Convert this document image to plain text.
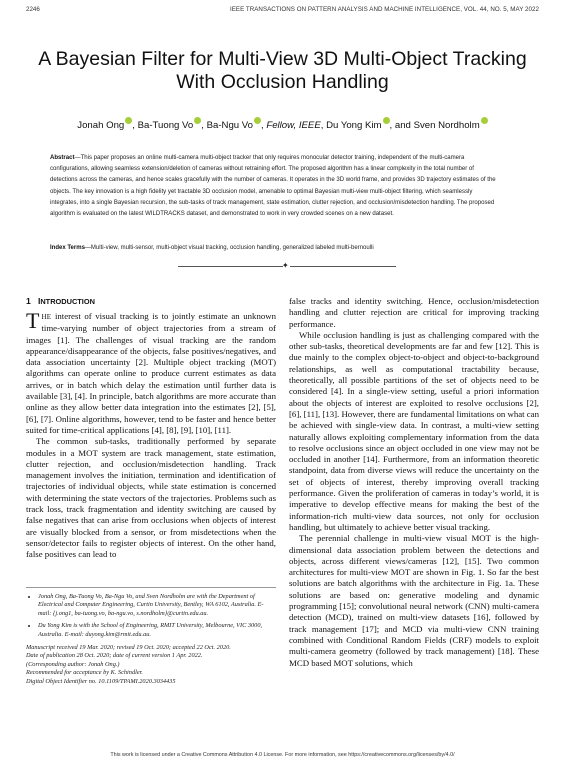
2246	IEEE TRANSACTIONS ON PATTERN ANALYSIS AND MACHINE INTELLIGENCE, VOL. 44, NO. 5, MAY 2022
A Bayesian Filter for Multi-View 3D Multi-Object Tracking With Occlusion Handling
Jonah Ong , Ba-Tuong Vo , Ba-Ngu Vo , Fellow, IEEE, Du Yong Kim , and Sven Nordholm
Abstract—This paper proposes an online multi-camera multi-object tracker that only requires monocular detector training, independent of the multi-camera configurations, allowing seamless extension/deletion of cameras without retraining effort. The proposed algorithm has a linear complexity in the total number of detections across the cameras, and hence scales gracefully with the number of cameras. It operates in the 3D world frame, and provides 3D trajectory estimates of the objects. The key innovation is a high fidelity yet tractable 3D occlusion model, amenable to optimal Bayesian multi-view multi-object filtering, which seamlessly integrates, into a single Bayesian recursion, the sub-tasks of track management, state estimation, clutter rejection, and occlusion/misdetection handling. The proposed algorithm is evaluated on the latest WILDTRACKS dataset, and demonstrated to work in very crowded scenes on a new dataset.
Index Terms—Multi-view, multi-sensor, multi-object visual tracking, occlusion handling, generalized labeled multi-bernoulli
✦
1 INTRODUCTION

THE interest of visual tracking is to jointly estimate an unknown time-varying number of object trajectories from a stream of images [1]. The challenges of visual tracking are the random appearance/disappearance of the objects, false positives/negatives, and data association uncertainty [2]. Multiple object tracking (MOT) algorithms can operate online to produce current estimates as data arrives, or in batch which delay the estimation until further data is available [3], [4]. In principle, batch algorithms are more accurate than online as they allow better data integration into the estimates [2], [5], [6], [7]. Online algorithms, however, tend to be faster and hence better suited for time-critical applications [4], [8], [9], [10], [11].

The common sub-tasks, traditionally performed by separate modules in a MOT system are track management, state estimation, clutter rejection, and occlusion/misdetection handling. Track management involves the initiation, termination and identification of trajectories of individual objects, while state estimation is concerned with determining the state vectors of the trajectories. Problems such as track loss, track fragmentation and identity switching are caused by false negatives that can arise from occlusions when objects of interest are visually blocked from a sensor, or from misdetections when the sensor/detector fails to register objects of interest. On the other hand, false positives can lead to

• Jonah Ong, Ba-Tuong Vo, Ba-Ngu Vo, and Sven Nordholm are with the Department of Electrical and Computer Engineering, Curtin University, Bentley, WA 6102, Australia. E-mail: {j.ong1, ba-tuong.vo, ba-ngu.vo, s.nordholm}@curtin.edu.au.
• Du Yong Kim is with the School of Engineering, RMIT University, Melbourne, VIC 3000, Australia. E-mail: duyong.kim@rmit.edu.au.
Manuscript received 19 Mar. 2020; revised 19 Oct. 2020; accepted 22 Oct. 2020.
Date of publication 28 Oct. 2020; date of current version 1 Apr. 2022.
(Corresponding author: Jonah Ong.)
Recommended for acceptance by K. Schindler.
Digital Object Identifier no. 10.1109/TPAMI.2020.3034435

false tracks and identity switching. Hence, occlusion/misdetection handling and clutter rejection are critical for improving tracking performance.

While occlusion handling is just as challenging compared with the other sub-tasks, theoretical developments are far and few [12]. This is due mainly to the complex object-to-object and object-to-background relationships, as well as computational tractability because, theoretically, all possible partitions of the set of objects need to be considered [4]. In a single-view setting, useful a priori information about the objects of interest are exploited to resolve occlusions [2], [6], [11], [13]. However, there are fundamental limitations on what can be achieved with single-view data. In contrast, a multi-view setting naturally allows exploiting complementary information from the data to resolve occlusions since an object occluded in one view may not be occluded in another [14]. Furthermore, from an information theoretic standpoint, data from diverse views will reduce the uncertainty on the set of objects of interest, thereby improving overall tracking performance. Given the proliferation of cameras in today’s world, it is imperative to develop effective means for making the best of the information-rich multi-view data sources, not only for occlusion handling, but ultimately to achieve better visual tracking.

The perennial challenge in multi-view visual MOT is the high-dimensional data association problem between the detections and objects, across different views/cameras [12], [15]. Two common architectures for multi-view MOT are shown in Fig. 1. So far the best solutions are batch algorithms with the architecture in Fig. 1a. These solutions are based on: generative modeling and dynamic programming [15]; convolutional neural network (CNN) multi-camera detection (MCD), trained on multi-view datasets [16], followed by track management [17]; and MCD via multi-view CNN training combined with Conditional Random Fields (CRF) models to exploit multi-camera geometry (followed by track management) [18]. These MCD based MOT solutions, which

This work is licensed under a Creative Commons Attribution 4.0 License. For more information, see https://creativecommons.org/licenses/by/4.0/
